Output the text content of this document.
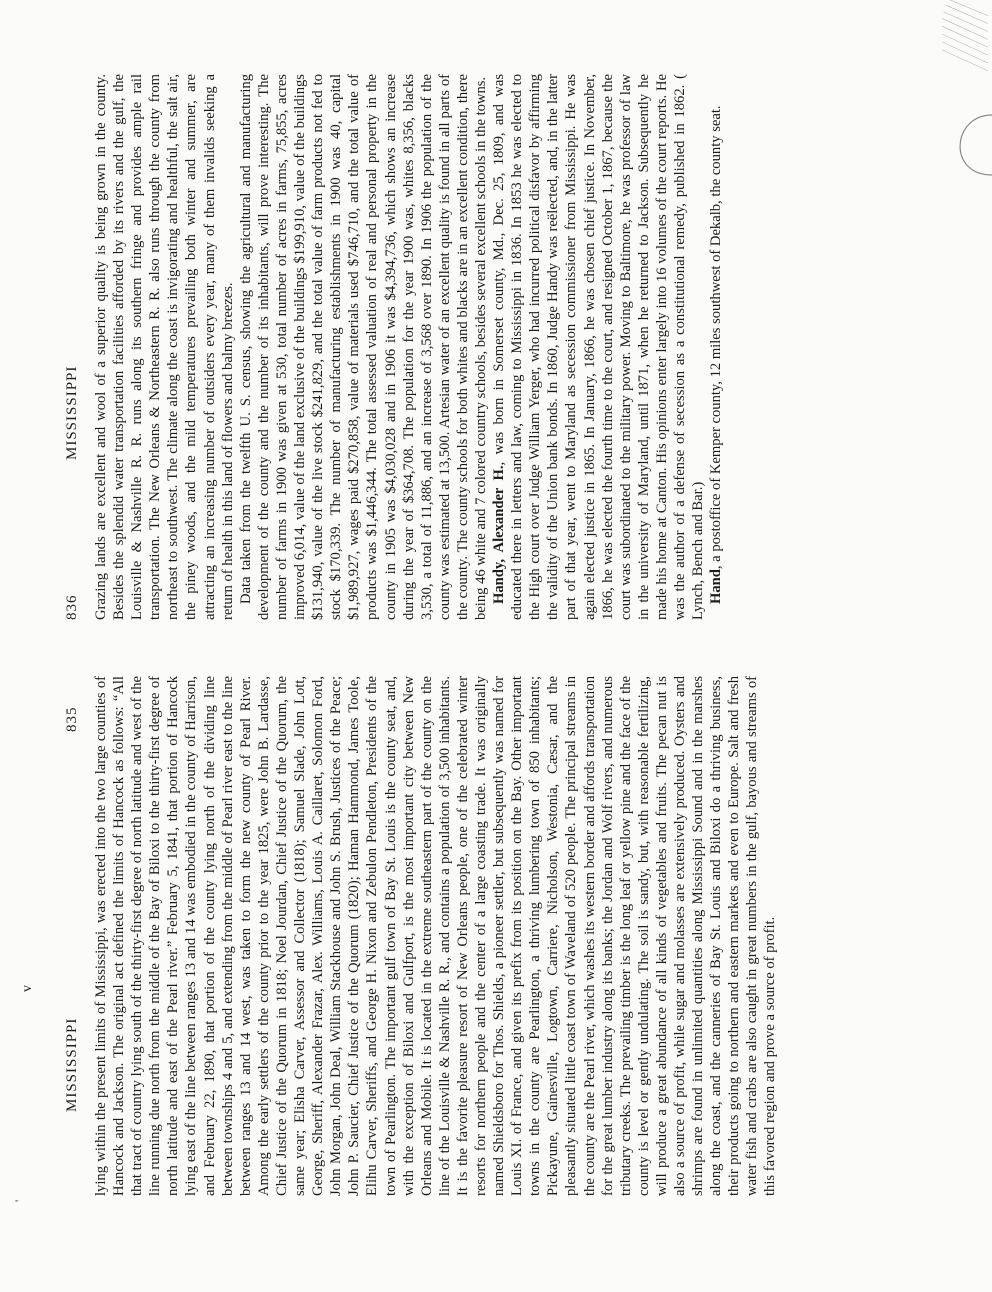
'
v
MISSISSIPPI
835 lying within the present limits of Mississippi, was erected into the two large counties of Hancock and Jackson. The original act defined the limits of Hancock as follows: “All that tract of country lying south of the thirty-first degree of north latitude and west of the line running due north from the middle of the Bay of Biloxi to the thirty-first degree of north latitude and east of the Pearl river.” February 5, 1841, that portion of Hancock lying east of the line between ranges 13 and 14 was embodied in the county of Harrison, and February 22, 1890, that portion of the county lying north of the dividing line between townships 4 and 5, and extending from the middle of Pearl river east to the line between ranges 13 and 14 west, was taken to form the new county of Pearl River. Among the early settlers of the county prior to the year 1825, were John B. Lardasse, Chief Justice of the Quorum in 1818; Noel Jourdan, Chief Justice of the Quorum, the same year; Elisha Carver, Assessor and Collector (1818); Samuel Slade, John Lott, George, Sheriff, Alexander Frazar, Alex. Williams, Louis A. Caillaret, Solomon Ford, John Morgan, John Deal, William Stackhouse and John S. Brush, Justices of the Peace; John P. Saucier, Chief Justice of the Quorum (1820); Haman Hammond, James Toole, Elihu Carver, Sheriffs, and George H. Nixon and Zebulon Pendleton, Presidents of the town of Pearlington. The important gulf town of Bay St. Louis is the county seat, and, with the exception of Biloxi and Gulfport, is the most important city between New Orleans and Mobile. It is located in the extreme southeastern part of the county on the line of the Louisville & Nashville R. R., and contains a population of 3,500 inhabitants. It is the favorite pleasure resort of New Orleans people, one of the celebrated winter resorts for northern people and the center of a large coasting trade. It was originally named Shieldsboro for Thos. Shields, a pioneer settler, but subsequently was named for Louis XI. of France, and given its prefix from its position on the Bay. Other important towns in the county are Pearlington, a thriving lumbering town of 850 inhabitants; Pickayune, Gainesville, Logtown, Carriere, Nicholson, Westonia, Cæsar, and the pleasantly situated little coast town of Waveland of 520 people. The principal streams in the county are the Pearl river, which washes its western border and affords transportation for the great lumber industry along its banks; the Jordan and Wolf rivers, and numerous tributary creeks. The prevailing timber is the long leaf or yellow pine and the face of the county is level or gently undulating. The soil is sandy, but, with reasonable fertilizing, will produce a great abundance of all kinds of vegetables and fruits. The pecan nut is also a source of profit, while sugar and molasses are extensively produced. Oysters and shrimps are found in unlimited quantities along Mississippi Sound and in the marshes along the coast, and the canneries of Bay St. Louis and Biloxi do a thriving business, their products going to northern and eastern markets and even to Europe. Salt and fresh water fish and crabs are also caught in great numbers in the gulf, bayous and streams of this favored region and prove a source of profit.

836
MISSISSIPPI Grazing lands are excellent and wool of a superior quality is being grown in the county. Besides the splendid water transportation facilities afforded by its rivers and the gulf, the Louisville & Nashville R. R. runs along its southern fringe and provides ample rail transportation. The New Orleans & Northeastern R. R. also runs through the county from northeast to southwest. The climate along the coast is invigorating and healthful, the salt air, the piney woods, and the mild temperatures prevailing both winter and summer, are attracting an increasing number of outsiders every year, many of them invalids seeking a return of health in this land of flowers and balmy breezes. Data taken from the twelfth U. S. census, showing the agricultural and manufacturing development of the county and the number of its inhabitants, will prove interesting. The number of farms in 1900 was given at 530, total number of acres in farms, 75,855, acres improved 6,014, value of the land exclusive of the buildings $199,910, value of the buildings $131,940, value of the live stock $241,829, and the total value of farm products not fed to stock $170,339. The number of manufacturing establishments in 1900 was 40, capital $1,989,927, wages paid $270,858, value of materials used $746,710, and the total value of products was $1,446,344. The total assessed valuation of real and personal property in the county in 1905 was $4,030,028 and in 1906 it was $4,394,736, which shows an increase during the year of $364,708. The population for the year 1900 was, whites 8,356, blacks 3,530, a total of 11,886, and an increase of 3,568 over 1890. In 1906 the population of the county was estimated at 13,500. Artesian water of an excellent quality is found in all parts of the county. The county schools for both whites and blacks are in an excellent condition, there being 46 white and 7 colored country schools, besides several excellent schools in the towns. Handy, Alexander H., was born in Somerset county, Md., Dec. 25, 1809, and was educated there in letters and law, coming to Mississippi in 1836. In 1853 he was elected to the High court over Judge William Yerger, who had incurred political disfavor by affirming the validity of the Union bank bonds. In 1860, Judge Handy was reëlected, and, in the latter part of that year, went to Maryland as secession commissioner from Mississippi. He was again elected justice in 1865. In January, 1866, he was chosen chief justice. In November, 1866, he was elected the fourth time to the court, and resigned October 1, 1867, because the court was subordinated to the military power. Moving to Baltimore, he was professor of law in the university of Maryland, until 1871, when he returned to Jackson. Subsequently he made his home at Canton. His opinions enter largely into 16 volumes of the court reports. He was the author of a defense of secession as a constitutional remedy, published in 1862. ( Lynch, Bench and Bar.) Hand, a postoffice of Kemper county, 12 miles southwest of Dekalb, the county seat.
